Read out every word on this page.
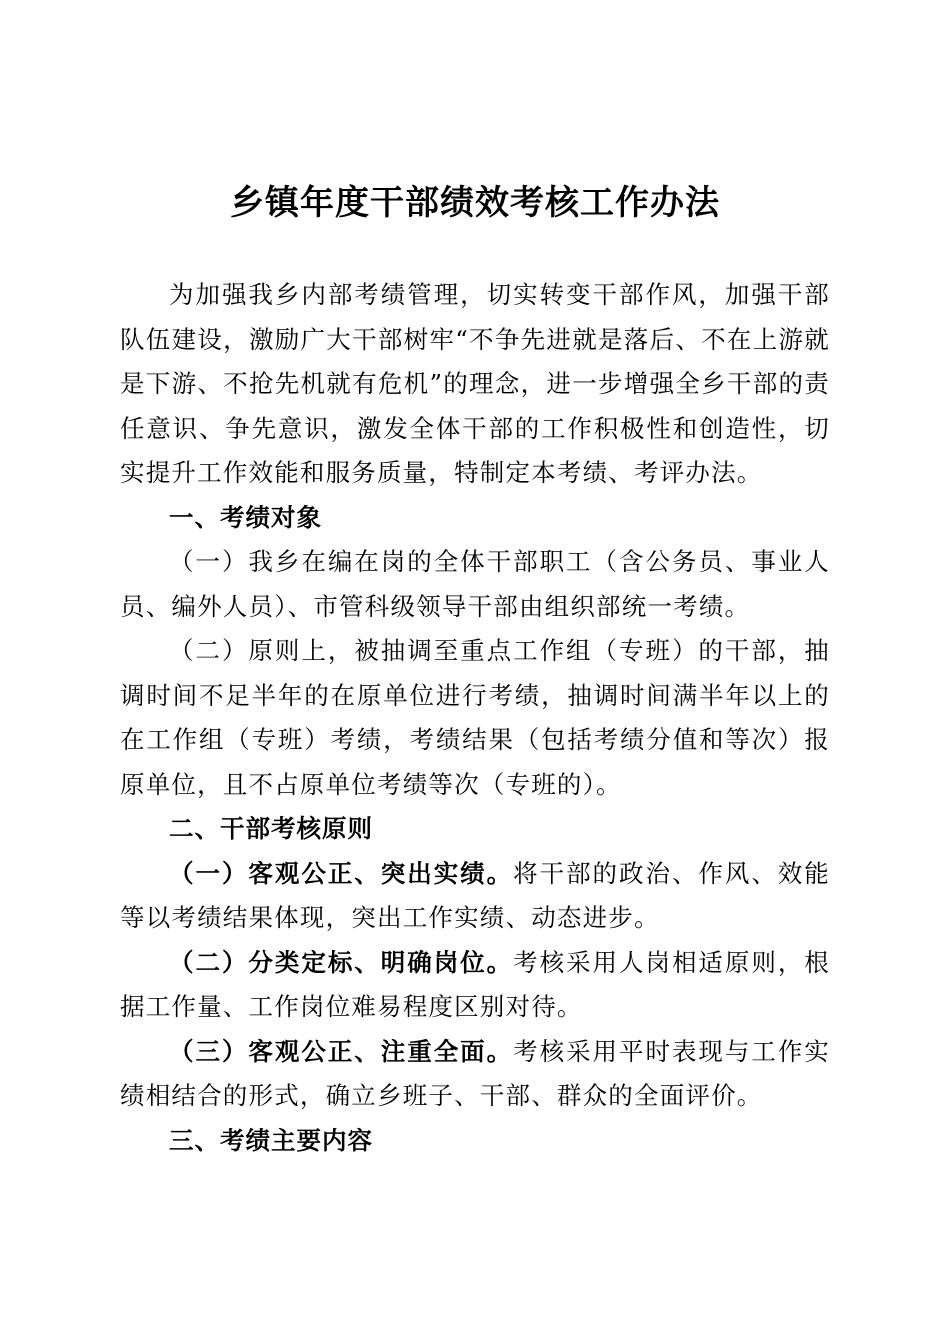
乡镇年度干部绩效考核工作办法

为加强我乡内部考绩管理，切实转变干部作风，加强干部队伍建设，激励广大干部树牢“不争先进就是落后、不在上游就是下游、不抢先机就有危机”的理念，进一步增强全乡干部的责任意识、争先意识，激发全体干部的工作积极性和创造性，切实提升工作效能和服务质量，特制定本考绩、考评办法。

一、考绩对象

（一）我乡在编在岗的全体干部职工（含公务员、事业人员、编外人员）、市管科级领导干部由组织部统一考绩。

（二）原则上，被抽调至重点工作组（专班）的干部，抽调时间不足半年的在原单位进行考绩，抽调时间满半年以上的在工作组（专班）考绩，考绩结果（包括考绩分值和等次）报原单位，且不占原单位考绩等次（专班的）。

二、干部考核原则

（一）客观公正、突出实绩。将干部的政治、作风、效能等以考绩结果体现，突出工作实绩、动态进步。

（二）分类定标、明确岗位。考核采用人岗相适原则，根据工作量、工作岗位难易程度区别对待。

（三）客观公正、注重全面。考核采用平时表现与工作实绩相结合的形式，确立乡班子、干部、群众的全面评价。

三、考绩主要内容
